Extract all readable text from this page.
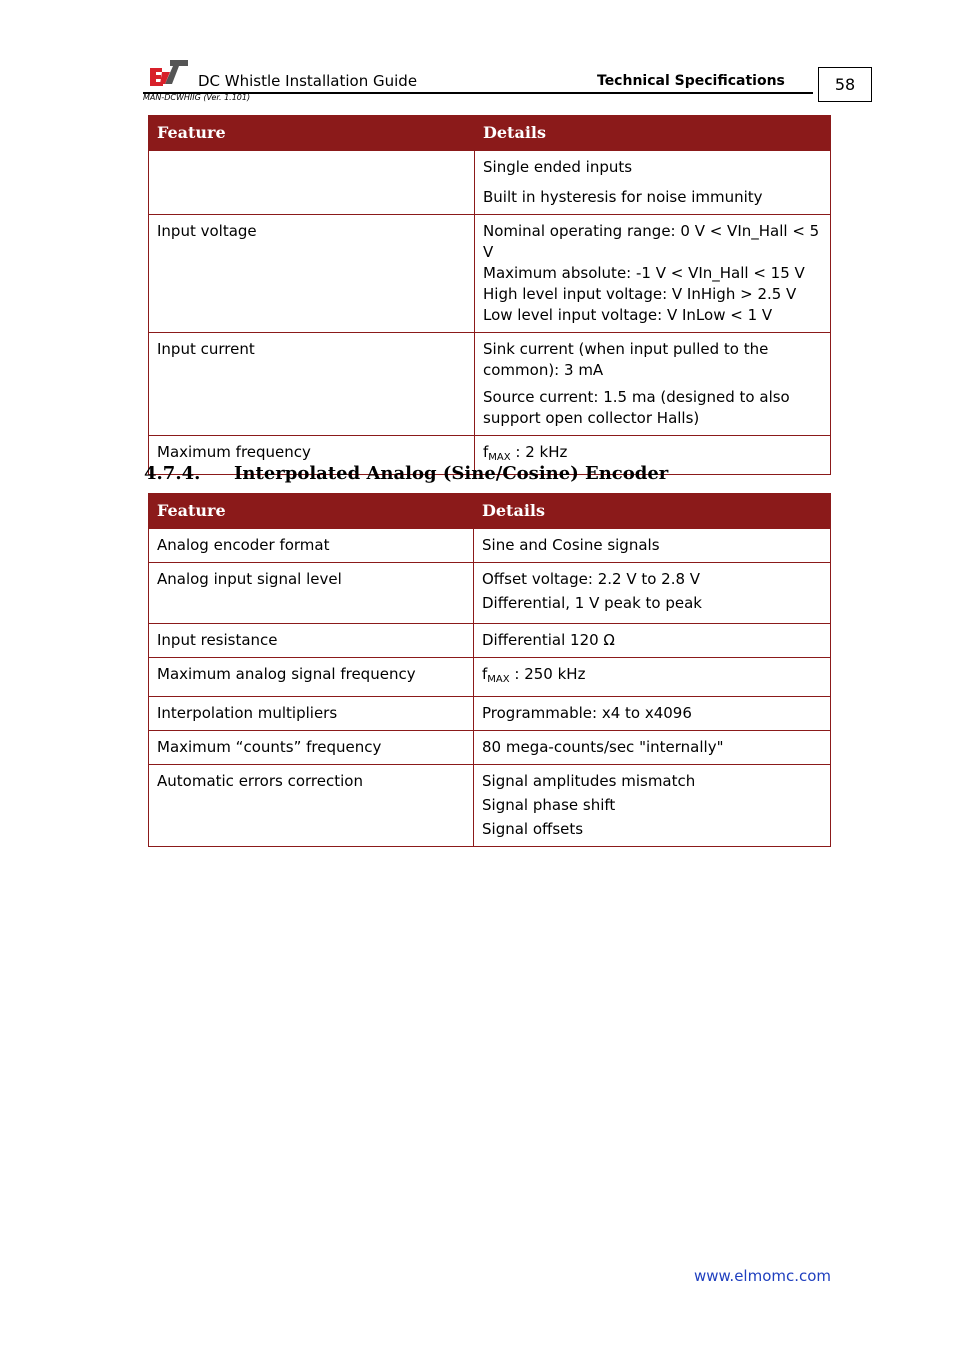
DC Whistle Installation Guide	Technical Specifications
MAN-DCWHIIG (Ver. 1.101)
58
Feature	Details

	Single ended inputs

Built in hysteresis for noise immunity

Input voltage	Nominal operating range: 0 V < VIn_Hall < 5 V

Maximum absolute: -1 V < VIn_Hall < 15 V

High level input voltage: V InHigh > 2.5 V

Low level input voltage: V InLow < 1 V

Input current	Sink current (when input pulled to the common): 3 mA

Source current: 1.5 ma (designed to also support open collector Halls)

Maximum frequency	$f_{MAX}$ : 2 kHz
4.7.4. Interpolated Analog (Sine/Cosine) Encoder
Feature	Details
Analog encoder format	Sine and Cosine signals
Analog input signal level	Offset voltage: 2.2 V to 2.8 V

Differential, 1 V peak to peak

Input resistance	Differential 120 Ω
Maximum analog signal frequency	$f_{MAX}$ : 250 kHz
Interpolation multipliers	Programmable: x4 to x4096
Maximum “counts” frequency	80 mega-counts/sec "internally"
Automatic errors correction	Signal amplitudes mismatch

Signal phase shift

Signal offsets

www.elmomc.com
